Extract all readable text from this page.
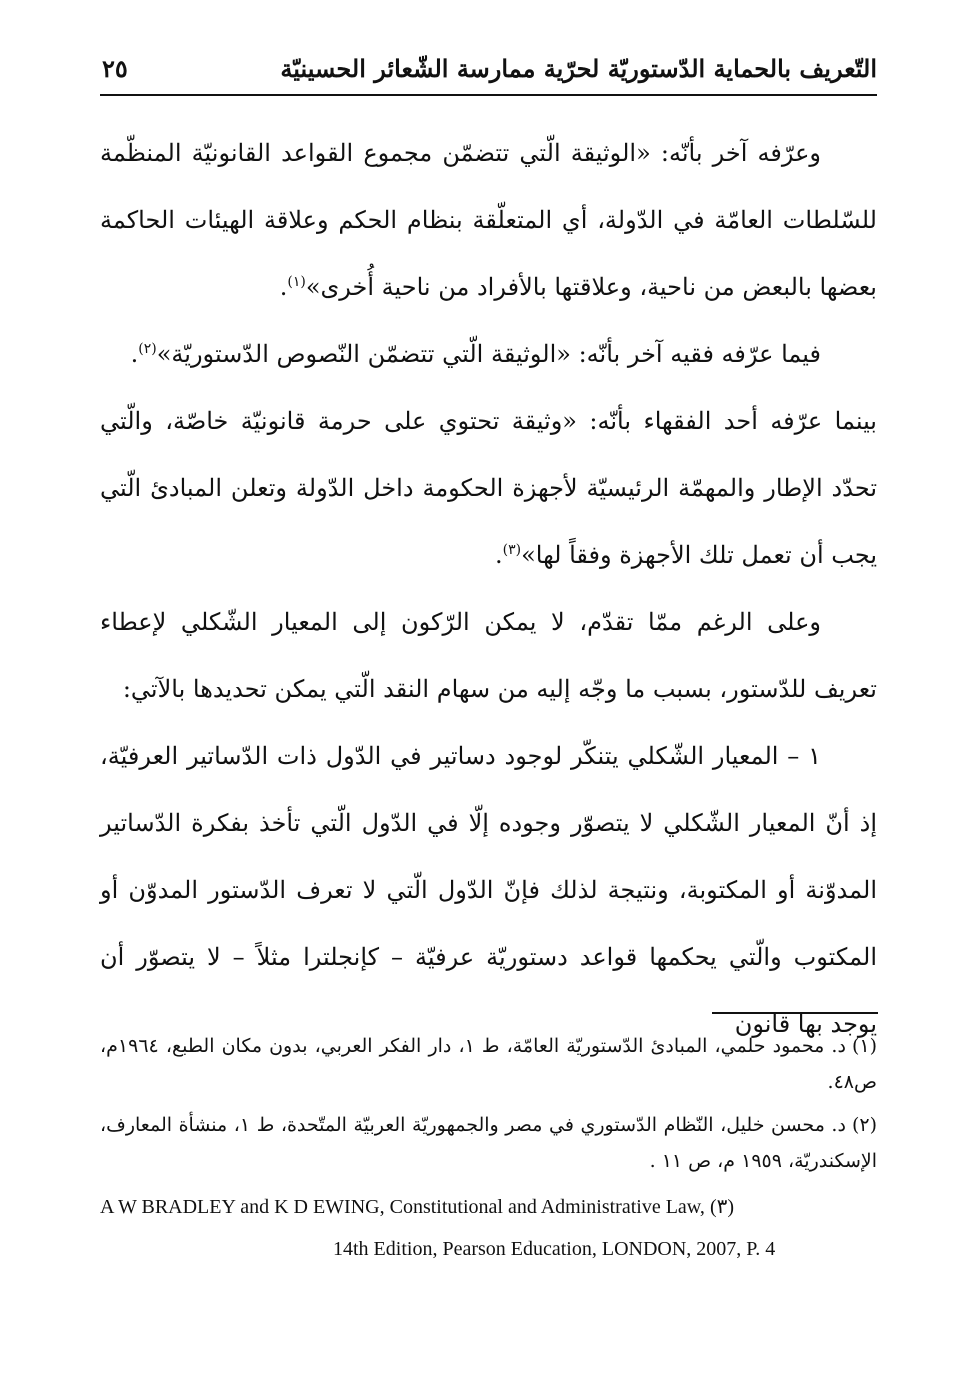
التّعريف بالحماية الدّستوريّة لحرّية ممارسة الشّعائر الحسينيّة
٢٥

وعرّفه آخر بأنّه: «الوثيقة الّتي تتضمّن مجموع القواعد القانونيّة المنظّمة للسّلطات العامّة في الدّولة، أي المتعلّقة بنظام الحكم وعلاقة الهيئات الحاكمة بعضها بالبعض من ناحية، وعلاقتها بالأفراد من ناحية أُخرى»$^{(١)}$.

فيما عرّفه فقيه آخر بأنّه: «الوثيقة الّتي تتضمّن النّصوص الدّستوريّة»$^{(٢)}$.

بينما عرّفه أحد الفقهاء بأنّه: «وثيقة تحتوي على حرمة قانونيّة خاصّة، والّتي تحدّد الإطار والمهمّة الرئيسيّة لأجهزة الحكومة داخل الدّولة وتعلن المبادئ الّتي يجب أن تعمل تلك الأجهزة وفقاً لها»$^{(٣)}$.

وعلى الرغم ممّا تقدّم، لا يمكن الرّكون إلى المعيار الشّكلي لإعطاء تعريف للدّستور، بسبب ما وجّه إليه من سهام النقد الّتي يمكن تحديدها بالآتي:

١ – المعيار الشّكلي يتنكّر لوجود دساتير في الدّول ذات الدّساتير العرفيّة، إذ أنّ المعيار الشّكلي لا يتصوّر وجوده إلّا في الدّول الّتي تأخذ بفكرة الدّساتير المدوّنة أو المكتوبة، ونتيجة لذلك فإنّ الدّول الّتي لا تعرف الدّستور المدوّن أو المكتوب والّتي يحكمها قواعد دستوريّة عرفيّة – كإنجلترا مثلاً – لا يتصوّر أن يوجد بها قانون

(١)د. محمود حلمي، المبادئ الدّستوريّة العامّة، ط ١، دار الفكر العربي، بدون مكان الطبع، ١٩٦٤م، ص٤٨.

(٢)د. محسن خليل، النّظام الدّستوري في مصر والجمهوريّة العربيّة المتّحدة، ط ١، منشأة المعارف، الإسكندريّة، ١٩٥٩ م، ص ١١ .

A W BRADLEY and K D EWING, Constitutional and Administrative Law, (٣)
14th Edition, Pearson Education, LONDON, 2007, P. 4
